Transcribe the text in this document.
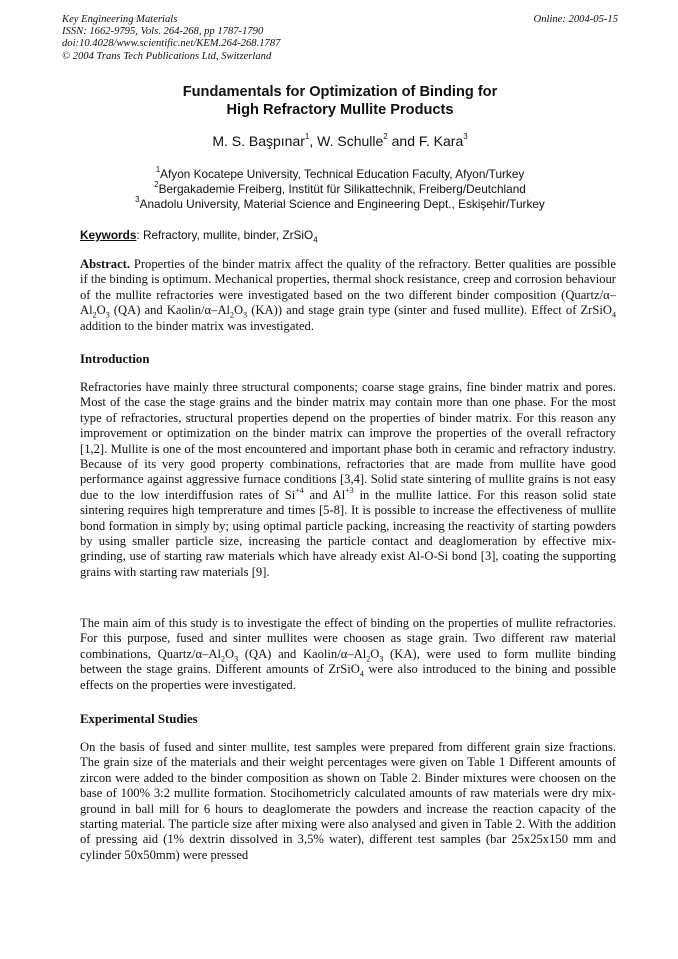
Key Engineering Materials
ISSN: 1662-9795, Vols. 264-268, pp 1787-1790
doi:10.4028/www.scientific.net/KEM.264-268.1787
© 2004 Trans Tech Publications Ltd, Switzerland
Online: 2004-05-15
Fundamentals for Optimization of Binding for
High Refractory Mullite Products
M. S. Başpınar$^1$, W. Schulle$^2$ and F. Kara$^3$
$^1$Afyon Kocatepe University, Technical Education Faculty, Afyon/Turkey
$^2$Bergakademie Freiberg, Institüt für Silikattechnik, Freiberg/Deutchland
$^3$Anadolu University, Material Science and Engineering Dept., Eskişehir/Turkey
Keywords: Refractory, mullite, binder, ZrSiO$_4$

Abstract. Properties of the binder matrix affect the quality of the refractory. Better qualities are possible if the binding is optimum. Mechanical properties, thermal shock resistance, creep and corrosion behaviour of the mullite refractories were investigated based on the two different binder composition ($Quartz/\alpha-Al_2O_3$ (QA) and Kaolin/$\alpha-Al_2O_3$ (KA)) and stage grain type (sinter and fused mullite). Effect of ZrSiO$_4$ addition to the binder matrix was investigated.

Introduction

Refractories have mainly three structural components; coarse stage grains, fine binder matrix and pores. Most of the case the stage grains and the binder matrix may contain more than one phase. For the most type of refractories, structural properties depend on the properties of binder matrix. For this reason any improvement or optimization on the binder matrix can improve the properties of the overall refractory [1,2]. Mullite is one of the most encountered and important phase both in ceramic and refractory industry. Because of its very good property combinations, refractories that are made from mullite have good performance against aggressive furnace conditions [3,4]. Solid state sintering of mullite grains is not easy due to the low interdiffusion rates of $Si^{+4}$ and $Al^{+3}$ in the mullite lattice. For this reason solid state sintering requires high temprerature and times [5-8]. It is possible to increase the effectiveness of mullite bond formation in simply by; using optimal particle packing, increasing the reactivity of starting powders by using smaller particle size, increasing the particle contact and deaglomeration by effective mix-grinding, use of starting raw materials which have already exist Al-O-Si bond [3], coating the supporting grains with starting raw materials [9].

The main aim of this study is to investigate the effect of binding on the properties of mullite refractories. For this purpose, fused and sinter mullites were choosen as stage grain. Two different raw material combinations, Quartz/$\alpha-Al_2O_3$ (QA) and Kaolin/$\alpha-Al_2O_3$ (KA), were used to form mullite binding between the stage grains. Different amounts of ZrSiO$_4$ were also introduced to the bining and possible effects on the properties were investigated.

Experimental Studies

On the basis of fused and sinter mullite, test samples were prepared from different grain size fractions. The grain size of the materials and their weight percentages were given on Table 1 Different amounts of zircon were added to the binder composition as shown on Table 2. Binder mixtures were choosen on the base of 100% 3:2 mullite formation. Stocihometricly calculated amounts of raw materials were dry mix-ground in ball mill for 6 hours to deaglomerate the powders and increase the reaction capacity of the starting material. The particle size after mixing were also analysed and given in Table 2. With the addition of pressing aid (1% dextrin dissolved in 3,5% water), different test samples (bar 25x25x150 mm and cylinder 50x50mm) were pressed
